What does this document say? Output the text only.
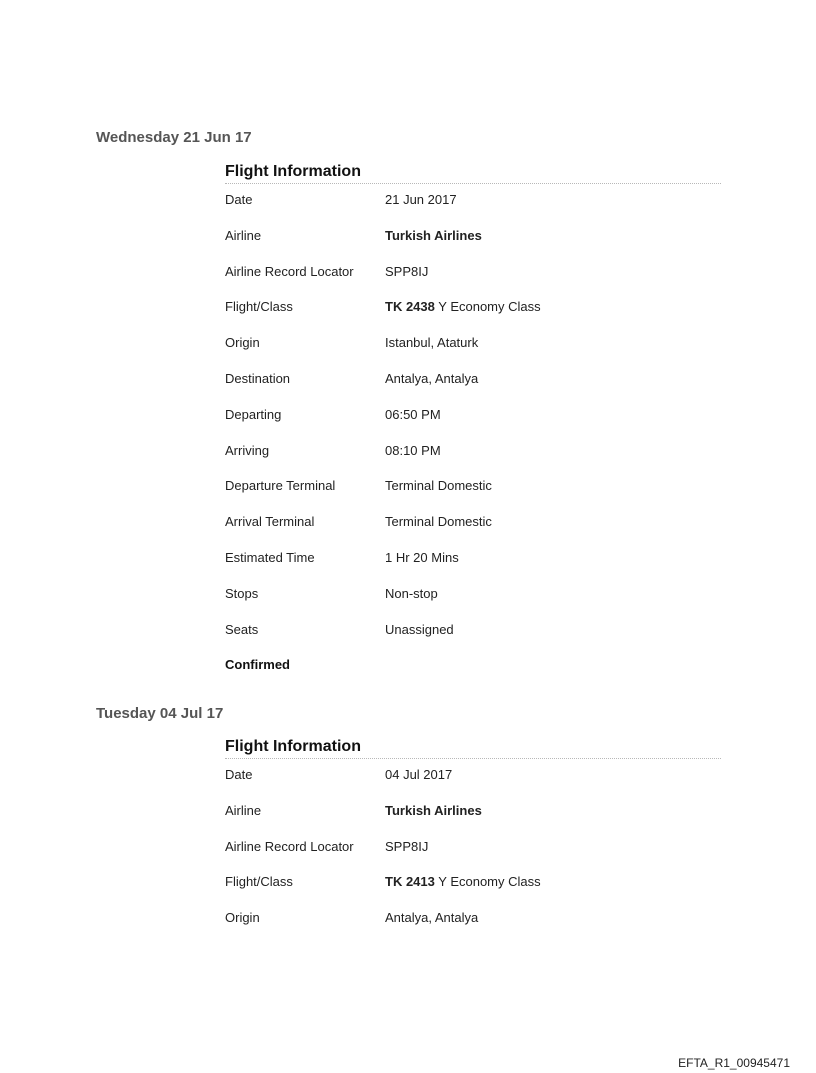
Wednesday 21 Jun 17
Flight Information
Date	21 Jun 2017
Airline	Turkish Airlines
Airline Record Locator	SPP8IJ
Flight/Class	TK 2438 Y Economy Class
Origin	Istanbul, Ataturk
Destination	Antalya, Antalya
Departing	06:50 PM
Arriving	08:10 PM
Departure Terminal	Terminal Domestic
Arrival Terminal	Terminal Domestic
Estimated Time	1 Hr 20 Mins
Stops	Non-stop
Seats	Unassigned
Confirmed
Tuesday 04 Jul 17
Flight Information
Date	04 Jul 2017
Airline	Turkish Airlines
Airline Record Locator	SPP8IJ
Flight/Class	TK 2413 Y Economy Class
Origin	Antalya, Antalya
EFTA_R1_00945471
